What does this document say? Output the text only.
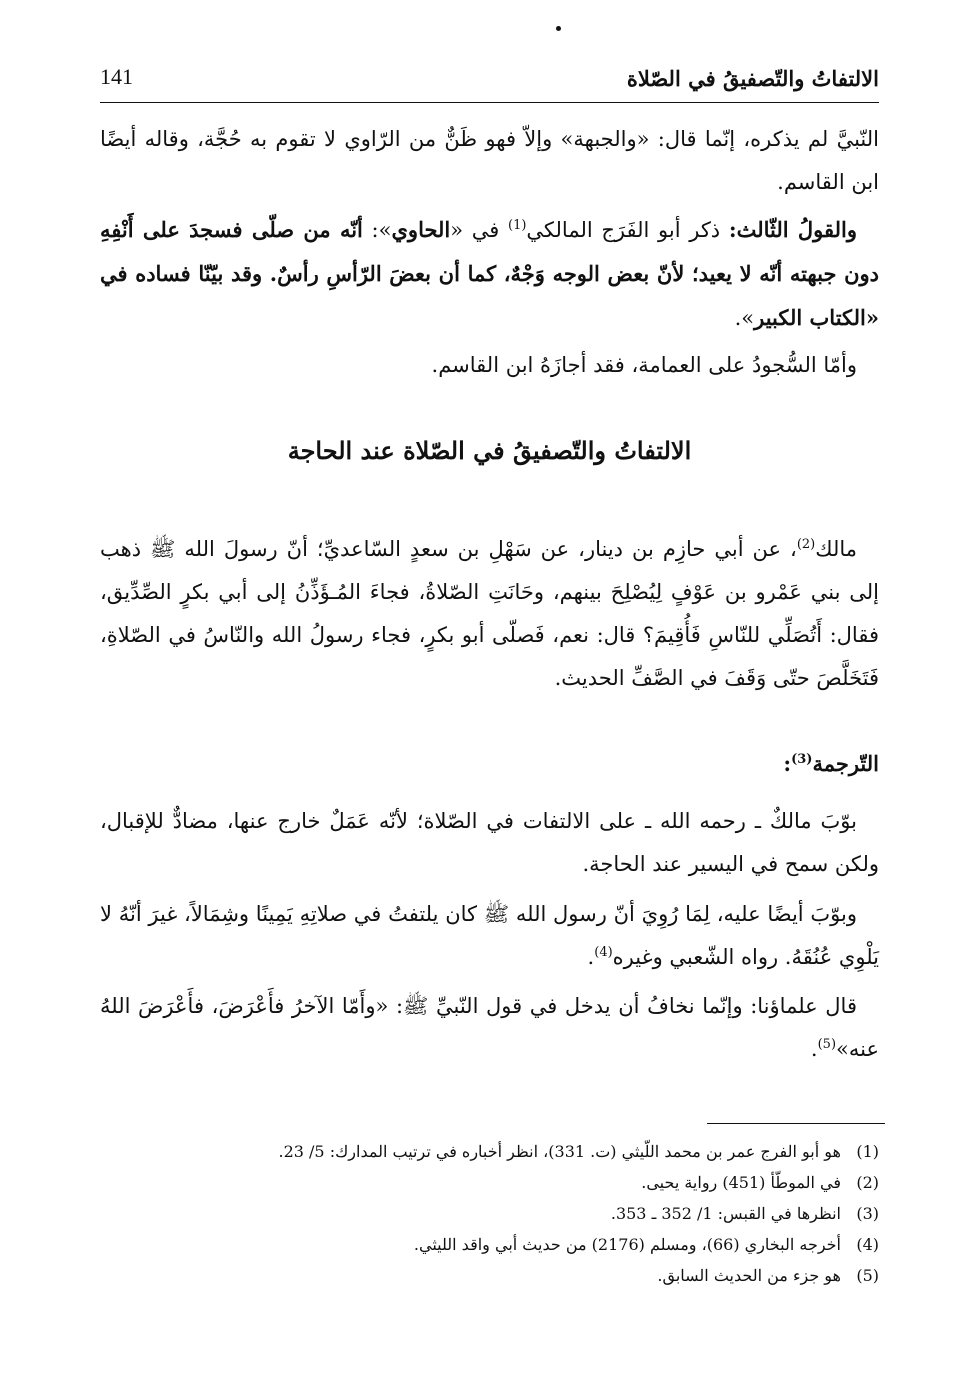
الالتفاتُ والتّصفيقُ في الصّلاة
141

النّبيَّ لم يذكره، إنّما قال: «والجبهة» وإلاّ فهو ظَنٌّ من الرّاوي لا تقوم به حُجَّة، وقاله أيضًا ابن القاسم.

والقولُ الثّالث: ذكر أبو الفَرَج المالكي$^{(1)}$ في «الحاوي»: أنّه من صلّى فسجدَ على أَنْفِهِ دون جبهته أنّه لا يعيد؛ لأنّ بعض الوجه وَجْهٌ، كما أن بعضَ الرّأسِ رأسٌ. وقد بيّنّا فساده في «الكتاب الكبير».

وأمّا السُّجودُ على العمامة، فقد أجازَهُ ابن القاسم.

الالتفاتُ والتّصفيقُ في الصّلاة عند الحاجة

مالك$^{(2)}$، عن أبي حازِم بن دينار، عن سَهْلِ بن سعدٍ السّاعديِّ؛ أنّ رسولَ الله ﷺ ذهب إلى بني عَمْرو بن عَوْفٍ لِيُصْلِحَ بينهم، وحَانَتِ الصّلاةُ، فجاءَ المُـؤَذِّنُ إلى أبي بكرٍ الصِّدِّيق، فقال: أَتُصَلِّي للنّاسِ فَأُقِيمَ؟ قال: نعم، فَصلّى أبو بكرٍ، فجاء رسولُ الله والنّاسُ في الصّلاةِ، فَتَخَلَّصَ حتّى وَقَفَ في الصَّفِّ الحديث.

التّرجمة$^{(3)}$:

بوّبَ مالكٌ ـ رحمه الله ـ على الالتفات في الصّلاة؛ لأنّه عَمَلٌ خارج عنها، مضادٌّ للإقبال، ولكن سمح في اليسير عند الحاجة.

وبوّبَ أيضًا عليه، لِمَا رُوِيَ أنّ رسول الله ﷺ كان يلتفتُ في صلاتِهِ يَمِينًا وشِمَالاً، غيرَ أنّهُ لا يَلْوِي عُنُقَهُ. رواه الشّعبي وغيره$^{(4)}$.

قال علماؤنا: وإنّما نخافُ أن يدخل في قول النّبيِّ ﷺ: «وأَمّا الآخرُ فأَعْرَضَ، فأَعْرَضَ اللهُ عنه»$^{(5)}$.

(1)
هو أبو الفرج عمر بن محمد اللّيثي (ت. 331)، انظر أخباره في ترتيب المدارك: 5/ 23.
(2)
في الموطّأ (451) رواية يحيى.
(3)
انظرها في القبس: 1/ 352 ـ 353.
(4)
أخرجه البخاري (66)، ومسلم (2176) من حديث أبي واقد الليثي.
(5)
هو جزء من الحديث السابق.
